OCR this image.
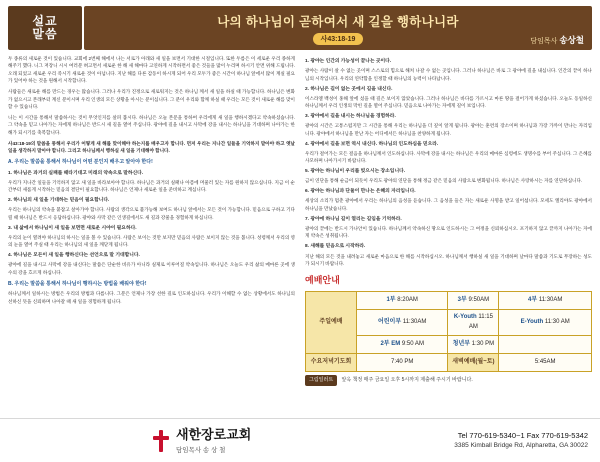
설교
말씀
나의 하나님이 곧하여서 새 길을 행하나니라
사43:18-19	담임목사 송상철

두 종류의 새로운 것이 있습니다. 교회에 2번째 해에서 나는 서로가 아래와 새 일을 보면서 기대한 시절입니다. 또한 두릅은 이 세로운 우리 종하게 해주기 했다. 니그 저장니 시시 여러분 혀고면서 새로운 한 해 새 해마다 고연하게 시작하면서 좋은 것들을 많이 누리며 하시기 안면 위해 드립니다. 오래 되었고 새로운 우리 즉시기 새로운 것이 아닙니다. 지난 해를 다른 감동이 하시게 되어 우리 모두가 좋은 시간이 하나님 앞에서 많이 계실 필요가 있어야 하는 것을 원해서 시작합니다.

사람들은 새로운 해를 만드는 경우는 많습니다. 그러나 우리가 진정으로 새로워지는 것은 하나님 께서 새 일을 하실 때 가능합니다. 하나님은 변화가 없으시고 본래부터 계신 분이시며 우리 인생의 모든 상황을 아시는 분이십니다. 그 분이 우리와 함께 하실 때 우리는 모든 것이 새로운 해를 맞이할 수 있습니다.

니는 이 시간을 통해서 말씀하시는 것이 무엇인지를 살펴 봅시다. 하나님은 오늘 본문을 통하여 우리에게 새 일을 행하시겠다고 약속하셨습니다. 그 약속을 믿고 나아가는 자에게 하나님은 반드시 새 길을 열어 주십니다. 광야에 길을 내시고 사막에 강을 내시는 하나님을 기대하며 나아가는 한 해가 되시기를 축복합니다.

사43:18-19의 말씀을 통해서 우리가 어떻게 새 해를 맞이해야 하는지를 배우고자 합니다. 먼저 우리는 지나간 일들을 기억하지 말아야 하고 옛날 일을 생각하지 말아야 합니다. 그리고 하나님께서 행하실 새 일을 기대해야 합니다.

A. 우리는 말씀을 통해서 하나님이 어떤 분인지 배우고 알아야 한다!
1. 하나님은 과거의 실패를 때타기대고 미래의 약속으로 말하신다.

우리가 지나간 일들을 기억하지 않고 새 일을 바라보아야 합니다. 하나님은 과거의 실패나 아픔에 머물러 있는 자를 원하지 않으십니다. 지금 이 순간부터 새롭게 시작하는 믿음의 결단이 필요합니다. 하나님은 언제나 새로운 일을 준비하고 계십니다.

2. 하나님의 새 일을 기대하는 믿음이 필요합니다.

우리는 하나님의 약속을 붙잡고 살아가야 합니다. 사람의 생각으로 불가능해 보여도 하나님 앞에서는 모든 것이 가능합니다. 믿음으로 구하고 기다릴 때 하나님은 반드시 응답하십니다. 광야와 사막 같은 인생길에서도 새 길과 강물을 경험하게 하십니다.

3. 내 삶에서 하나님이 새 일을 보면면 새로운 시야이 필요하다.

우리의 눈이 열려야 하나님의 하시는 일을 볼 수 있습니다. 사람은 보이는 것만 보지만 믿음의 사람은 보이지 않는 것을 봅니다. 성령께서 우리의 영의 눈을 열어 주실 때 우리는 하나님의 새 일을 깨닫게 됩니다.

4. 하나님은 모든이 새 일을 행하신다는 선언으로 말 기대합니다.

광야에 길을 내시고 사막에 강을 내신다는 말씀은 단순한 비유가 아니라 실제로 이루어질 약속입니다. 하나님은 오늘도 우리 삶의 메마른 곳에 생수의 강을 흐르게 하십니다.

B. 우리는 말씀을 통해서 하나님이 행하시는 방법을 배워야 한다!

하나님께서 일하시는 방법은 우리의 방법과 다릅니다. 그분은 언제나 가장 선한 길로 인도하십니다. 우리가 이해할 수 없는 상황에서도 하나님의 선하신 뜻을 신뢰하며 나아갈 때 새 일을 경험하게 됩니다.

1. 광야는 인간의 가능성이 끝나는 곳이다.

광야는 사람이 살 수 없는 곳이며 스스로의 힘으로 해쳐 나갈 수 없는 곳입니다. 그러나 하나님은 바로 그 광야에 길을 내십니다. 인간의 끝이 하나님의 시작입니다. 우리의 연약함을 인정할 때 하나님의 능력이 나타납니다.

2. 하나님은 길이 없는 곳에서 길을 내신다.

이스라엘 백성이 홍해 앞에 섰을 때 길은 보이지 않았습니다. 그러나 하나님은 바다를 가르시고 마른 땅을 걸어가게 하셨습니다. 오늘도 동일하신 하나님께서 우리 인생의 막힌 길을 열어 주십니다. 믿음으로 나아가는 자에게 길이 보입니다.

3. 광야에서 길을 내시는 하나님을 경험하라.

광야의 시간은 고통스럽지만 그 시간을 통해 우리는 하나님을 더 깊이 알게 됩니다. 광야는 훈련의 장소이며 하나님과 가장 가까이 만나는 자리입니다. 광야에서 하나님을 만난 자는 어디에서든 하나님을 찬양하게 됩니다.

4. 광야에서 길을 보면 역시 내신다. 하나님의 인도하심을 믿으라.

우리가 걸어가는 모든 걸음을 하나님께서 인도하십니다. 사막에 강을 내시는 하나님은 우리의 메마른 심령에도 생명수를 부어 주십니다. 그 은혜를 사모하며 나아가시기 바랍니다.

5. 광야는 하나님이 우리를 빚으시는 장소입니다.

금이 연단을 통해 순금이 되듯이 우리도 광야의 연단을 통해 정금 같은 믿음의 사람으로 변화됩니다. 하나님은 사랑하시는 자를 연단하십니다.

6. 광야는 하나님과 단둘이 만나는 은혜의 자리입니다.

세상의 소리가 멈춘 광야에서 우리는 하나님의 음성을 듣습니다. 그 음성을 들은 자는 새로운 사명을 받고 일어섭니다. 모세도 엘리야도 광야에서 하나님을 만났습니다.

7. 광야에 하나님 길이 열리는 길임을 기억하라.

광야의 끝에는 반드시 가나안이 있습니다. 하나님께서 약속하신 땅으로 인도하시는 그 여정을 신뢰하십시오. 포기하지 않고 끝까지 나아가는 자에게 약속은 성취됩니다.

8. 새해를 믿음으로 시작하라.

지난 해의 모든 것을 내려놓고 새로운 마음으로 한 해를 시작하십시오. 하나님께서 행하실 새 일을 기대하며 날마다 말씀과 기도로 무장하는 성도가 되시기 바랍니다.

예배안내
주일예배	1부 8:20AM	3부 9:50AM	4부 11:30AM
	어린이부 11:30AM	K-Youth 11:15 AM	E-Youth 11:30 AM
	2부 EM 9:50 AM	청년부 1:30 PM	
수요저녁기도회	7:40 PM	새벽예배(월~토)	5:45AM
그림일러트 앞옥 책정 매주 금요일 오후 5시까지 제출해 주시기 바랍니다.
새한장로교회
담임목사 송 상 철
Tel 770-619-5340~1 Fax 770-619-5342
3385 Kimball Bridge Rd, Alpharetta, GA 30022
